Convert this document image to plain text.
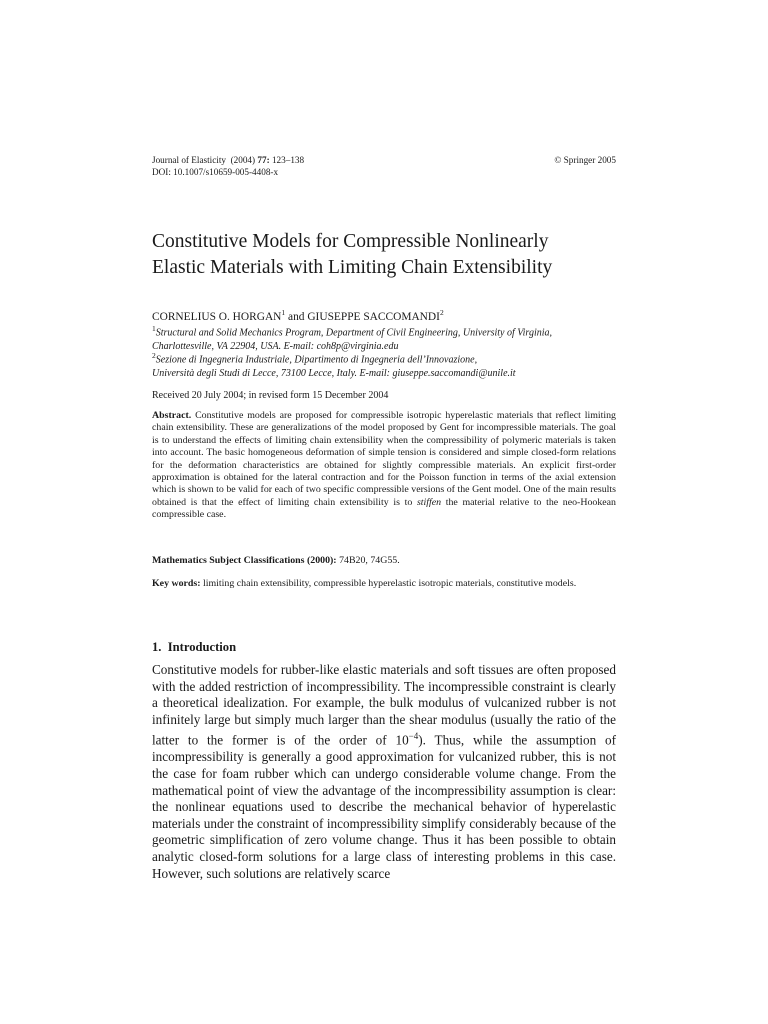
Journal of Elasticity (2004) 77: 123–138
DOI: 10.1007/s10659-005-4408-x
© Springer 2005
Constitutive Models for Compressible Nonlinearly
Elastic Materials with Limiting Chain Extensibility
CORNELIUS O. HORGAN$^1$ and GIUSEPPE SACCOMANDI$^2$
$^1$Structural and Solid Mechanics Program, Department of Civil Engineering, University of Virginia,
Charlottesville, VA 22904, USA. E-mail: coh8p@virginia.edu
$^2$Sezione di Ingegneria Industriale, Dipartimento di Ingegneria dell’Innovazione,
Università degli Studi di Lecce, 73100 Lecce, Italy. E-mail: giuseppe.saccomandi@unile.it
Received 20 July 2004; in revised form 15 December 2004
Abstract. Constitutive models are proposed for compressible isotropic hyperelastic materials that reflect limiting chain extensibility. These are generalizations of the model proposed by Gent for incompressible materials. The goal is to understand the effects of limiting chain extensibility when the compressibility of polymeric materials is taken into account. The basic homogeneous deformation of simple tension is considered and simple closed-form relations for the deformation characteristics are obtained for slightly compressible materials. An explicit first-order approximation is obtained for the lateral contraction and for the Poisson function in terms of the axial extension which is shown to be valid for each of two specific compressible versions of the Gent model. One of the main results obtained is that the effect of limiting chain extensibility is to stiffen the material relative to the neo-Hookean compressible case.
Mathematics Subject Classifications (2000): 74B20, 74G55.
Key words: limiting chain extensibility, compressible hyperelastic isotropic materials, constitutive models.
1. Introduction
Constitutive models for rubber-like elastic materials and soft tissues are often proposed with the added restriction of incompressibility. The incompressible constraint is clearly a theoretical idealization. For example, the bulk modulus of vulcanized rubber is not infinitely large but simply much larger than the shear modulus (usually the ratio of the latter to the former is of the order of $10^{-4}$). Thus, while the assumption of incompressibility is generally a good approximation for vulcanized rubber, this is not the case for foam rubber which can undergo considerable volume change. From the mathematical point of view the advantage of the incompressibility assumption is clear: the nonlinear equations used to describe the mechanical behavior of hyperelastic materials under the constraint of incompressibility simplify considerably because of the geometric simplification of zero volume change. Thus it has been possible to obtain analytic closed-form solutions for a large class of interesting problems in this case. However, such solutions are relatively scarce
